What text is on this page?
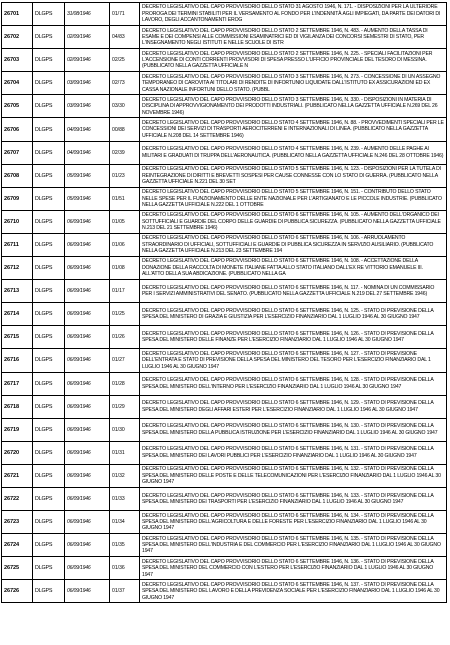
26701	DLGPS	31/08/1946	01/71	DECRETO LEGISLATIVO DEL CAPO PROVVISORIO DELLO STATO 31 AGOSTO 1946, N. 171. - DISPOSIZIONI PER LA ULTERIORE PROROGA DEI TERMINI STABILITI PER IL VERSAMENTO AL FONDO PER L'INDENNITÀ AGLI IMPIEGATI, DA PARTE DEI DATORI DI LAVORO, DEGLI ACCANTONAMENTI EROG

26702	DLGPS	02/09/1946	04/83	DECRETO LEGISLATIVO DEL CAPO PROVVISORIO DELLO STATO 2 SETTEMBRE 1946, N. 483. - AUMENTO DELLA TASSA DI ESAME E DEI COMPENSI ALLE COMMISSIONI ESAMINATRICI ED DI VIGILANZA DEI CONCORSI SEMESTRI DI STATO, PER L'INSEGNAMENTO NEGLI ISTITUTI E NELLE SCUOLE DI ISTR

26703	DLGPS	02/09/1946	02/25	DECRETO LEGISLATIVO DEL CAPO PROVVISORIO DELLO STATO 2 SETTEMBRE 1946, N. 225. - SPECIALI FACILITAZIONI PER L'ACCENSIONE DI CONTI CORRENTI PROVVISORI DI SPESA PRESSO L'UFFICIO PROVINCIALE DEL TESORO DI MESSINA. (PUBBLICATO NELLA GAZZETTA UFFICIALE N

26704	DLGPS	03/09/1946	02/73	DECRETO LEGISLATIVO DEL CAPO PROVVISORIO DELLO STATO 3 SETTEMBRE 1946, N. 273. - CONCESSIONE DI UN ASSEGNO TEMPORANEO DI CAROVITA AI TITOLARI DI RENDITE DI INFORTUNIO LIQUIDATE DALL'ISTITUTO EX ASSICURAZIONI ED EX CASSA NAZIONALE INFORTUNI DELLO STATO. (PUBBL

26705	DLGPS	03/09/1946	03/30	DECRETO LEGISLATIVO DEL CAPO PROVVISORIO DELLO STATO 3 SETTEMBRE 1946, N. 330. - DISPOSIZIONI IN MATERIA DI DISCIPLINA DI APPROVVIGIONAMENTO DEI PRODOTTI INDUSTRIALI. (PUBBLICATO NELLA GAZZETTA UFFICIALE N.269 DEL 26 NOVEMBRE 1946)

26706	DLGPS	04/09/1946	00/88	DECRETO LEGISLATIVO DEL CAPO PROVVISORIO DELLO STATO 4 SETTEMBRE 1946, N. 88. - PROVVEDIMENTI SPECIALI PER LE CONCESSIONI DEI SERVIZI DI TRASPORTI AEROCITERRENI E INTERNAZIONALI DI LINEA. (PUBBLICATO NELLA GAZZETTA UFFICIALE N.208 DEL 14 SETTEMBRE 1946)

26707	DLGPS	04/09/1946	02/39	DECRETO LEGISLATIVO DEL CAPO PROVVISORIO DELLO STATO 4 SETTEMBRE 1946, N. 239. - AUMENTO DELLE PAGHE AI MILITARI E GRADUATI DI TRUPPA DELL'AERONAUTICA. (PUBBLICATO NELLA GAZZETTA UFFICIALE N.246 DEL 28 OTTOBRE 1946)

26708	DLGPS	05/09/1946	01/23	DECRETO LEGISLATIVO DEL CAPO PROVVISORIO DELLO STATO 5 SETTEMBRE 1946, N. 123. - DISPOSIZIONI PER LA TUTELA DI REINTEGRAZIONE DI DIRITTI E BREVETTI SOSPESI PER CAUSE CONNESSE CON LO STATO DI GUERRA. (PUBBLICATO NELLA GAZZETTA UFFICIALE N.221 DEL 30 SET

26709	DLGPS	05/09/1946	01/51	DECRETO LEGISLATIVO DEL CAPO PROVVISORIO DELLO STATO 5 SETTEMBRE 1946, N. 151. - CONTRIBUTO DELLO STATO NELLE SPESE PER IL FUNZIONAMENTO DELLE ENTE NAZIONALE PER L'ARTIGIANATO E LE PICCOLE INDUSTRIE. (PUBBLICATO NELLA GAZZETTA UFFICIALE N.222 DEL 1 OTTOBRE

26710	DLGPS	06/09/1946	01/05	DECRETO LEGISLATIVO DEL CAPO PROVVISORIO DELLO STATO 6 SETTEMBRE 1946, N. 105. - AUMENTO DELL'ORGANICO DEI SOTTUFFICIALI E GUARDIE DEL CORPO DELLE GUARDIE DI PUBBLICA SICUREZZA. (PUBBLICATO NELLA GAZZETTA UFFICIALE N.213 DEL 21 SETTEMBRE 1946)

26711	DLGPS	06/09/1946	01/06	DECRETO LEGISLATIVO DEL CAPO PROVVISORIO DELLO STATO 6 SETTEMBRE 1946, N. 106. - ARRUOLAMENTO STRAORDINARIO DI UFFICIALI, SOTTUFFICIALI E GUARDIE DI PUBBLICA SICUREZZA IN SERVIZIO AUSILIARIO. (PUBBLICATO NELLA GAZZETTA UFFICIALE N.213 DEL 23 SETTEMBRE 194

26712	DLGPS	06/09/1946	01/08	DECRETO LEGISLATIVO DEL CAPO PROVVISORIO DELLO STATO 6 SETTEMBRE 1946, N. 108. - ACCETTAZIONE DELLA DONAZIONE DELLA RACCOLTA DI MONETE ITALIANE FATTA ALLO STATO ITALIANO DALL'EX RE VITTORIO EMANUELE III. ALL'ATTO DELLA SUA ABDICAZIONE. (PUBBLICATO NELLA GA

26713	DLGPS	06/09/1946	01/17	DECRETO LEGISLATIVO DEL CAPO PROVVISORIO DELLO STATO 6 SETTEMBRE 1946, N. 117. - NOMINA DI UN COMMISSARIO PER I SERVIZI AMMINISTRATIVI DEL SENATO. (PUBBLICATO NELLA GAZZETTA UFFICIALE N.219 DEL 27 SETTEMBRE 1946)

26714	DLGPS	06/09/1946	01/25	DECRETO LEGISLATIVO DEL CAPO PROVVISORIO DELLO STATO 6 SETTEMBRE 1946, N. 125. - STATO DI PREVISIONE DELLA SPESA DEL MINISTERO DI GRAZIA E GIUSTIZIA PER L'ESERCIZIO FINANZIARIO DAL 1 LUGLIO 1946 AL 30 GIUGNO 1947

26715	DLGPS	06/09/1946	01/26	DECRETO LEGISLATIVO DEL CAPO PROVVISORIO DELLO STATO 6 SETTEMBRE 1946, N. 126. - STATO DI PREVISIONE DELLA SPESA DEL MINISTERO DELLE FINANZE PER L'ESERCIZIO FINANZIARIO DAL 1 LUGLIO 1946 AL 30 GIUGNO 1947

26716	DLGPS	06/09/1946	01/27	DECRETO LEGISLATIVO DEL CAPO PROVVISORIO DELLO STATO 6 SETTEMBRE 1946, N. 127. - STATO DI PREVISIONE DELL'ENTRATA E STATO DI PREVISIONE DELLA SPESA DEL MINISTERO DEL TESORO PER L'ESERCIZIO FINANZIARIO DAL 1 LUGLIO 1946 AL 30 GIUGNO 1947

26717	DLGPS	06/09/1946	01/28	DECRETO LEGISLATIVO DEL CAPO PROVVISORIO DELLO STATO 6 SETTEMBRE 1946, N. 128. - STATO DI PREVISIONE DELLA SPESA DEL MINISTERO DELL'INTERNO PER L'ESERCIZIO FINANZIARIO DAL 1 LUGLIO 1946 AL 30 GIUGNO 1947

26718	DLGPS	06/09/1946	01/29	DECRETO LEGISLATIVO DEL CAPO PROVVISORIO DELLO STATO 6 SETTEMBRE 1946, N. 129. - STATO DI PREVISIONE DELLA SPESA DEL MINISTERO DEGLI AFFARI ESTERI PER L'ESERCIZIO FINANZIARIO DAL 1 LUGLIO 1946 AL 30 GIUGNO 1947

26719	DLGPS	06/09/1946	01/30	DECRETO LEGISLATIVO DEL CAPO PROVVISORIO DELLO STATO 6 SETTEMBRE 1946, N. 130. - STATO DI PREVISIONE DELLA SPESA DEL MINISTERO DELLA PUBBLICA ISTRUZIONE PER L'ESERCIZIO FINANZIARIO DAL 1 LUGLIO 1946 AL 30 GIUGNO 1947

26720	DLGPS	06/09/1946	01/31	DECRETO LEGISLATIVO DEL CAPO PROVVISORIO DELLO STATO 6 SETTEMBRE 1946, N. 131. - STATO DI PREVISIONE DELLA SPESA DEL MINISTERO DEI LAVORI PUBBLICI PER L'ESERCIZIO FINANZIARIO DAL 1 LUGLIO 1946 AL 30 GIUGNO 1947

26721	DLGPS	06/09/1946	01/32	DECRETO LEGISLATIVO DEL CAPO PROVVISORIO DELLO STATO 6 SETTEMBRE 1946, N. 132. - STATO DI PREVISIONE DELLA SPESA DEL MINISTERO DELLE POSTE E DELLE TELECOMUNICAZIONI PER L'ESERCIZIO FINANZIARIO DAL 1 LUGLIO 1946 AL 30 GIUGNO 1947

26722	DLGPS	06/09/1946	01/33	DECRETO LEGISLATIVO DEL CAPO PROVVISORIO DELLO STATO 6 SETTEMBRE 1946, N. 133. - STATO DI PREVISIONE DELLA SPESA DEL MINISTERO DEI TRASPORTI PER L'ESERCIZIO FINANZIARIO DAL 1 LUGLIO 1946 AL 30 GIUGNO 1947

26723	DLGPS	06/09/1946	01/34	DECRETO LEGISLATIVO DEL CAPO PROVVISORIO DELLO STATO 6 SETTEMBRE 1946, N. 134. - STATO DI PREVISIONE DELLA SPESA DEL MINISTERO DELL'AGRICOLTURA E DELLE FORESTE PER L'ESERCIZIO FINANZIARIO DAL 1 LUGLIO 1946 AL 30 GIUGNO 1947

26724	DLGPS	06/09/1946	01/35	DECRETO LEGISLATIVO DEL CAPO PROVVISORIO DELLO STATO 6 SETTEMBRE 1946, N. 135. - STATO DI PREVISIONE DELLA SPESA DEL MINISTERO DELL'INDUSTRIA E DEL COMMERCIO PER L'ESERCIZIO FINANZIARIO DAL 1 LUGLIO 1946 AL 30 GIUGNO 1947

26725	DLGPS	06/09/1946	01/36	DECRETO LEGISLATIVO DEL CAPO PROVVISORIO DELLO STATO 6 SETTEMBRE 1946, N. 136. - STATO DI PREVISIONE DELLA SPESA DEL MINISTERO DEL COMMERCIO CON L'ESTERO PER L'ESERCIZIO FINANZIARIO DAL 1 LUGLIO 1946 AL 30 GIUGNO 1947

26726	DLGPS	06/09/1946	01/37	DECRETO LEGISLATIVO DEL CAPO PROVVISORIO DELLO STATO 6 SETTEMBRE 1946, N. 137. - STATO DI PREVISIONE DELLA SPESA DEL MINISTERO DEL LAVORO E DELLA PREVIDENZA SOCIALE PER L'ESERCIZIO FINANZIARIO DAL 1 LUGLIO 1946 AL 30 GIUGNO 1947
